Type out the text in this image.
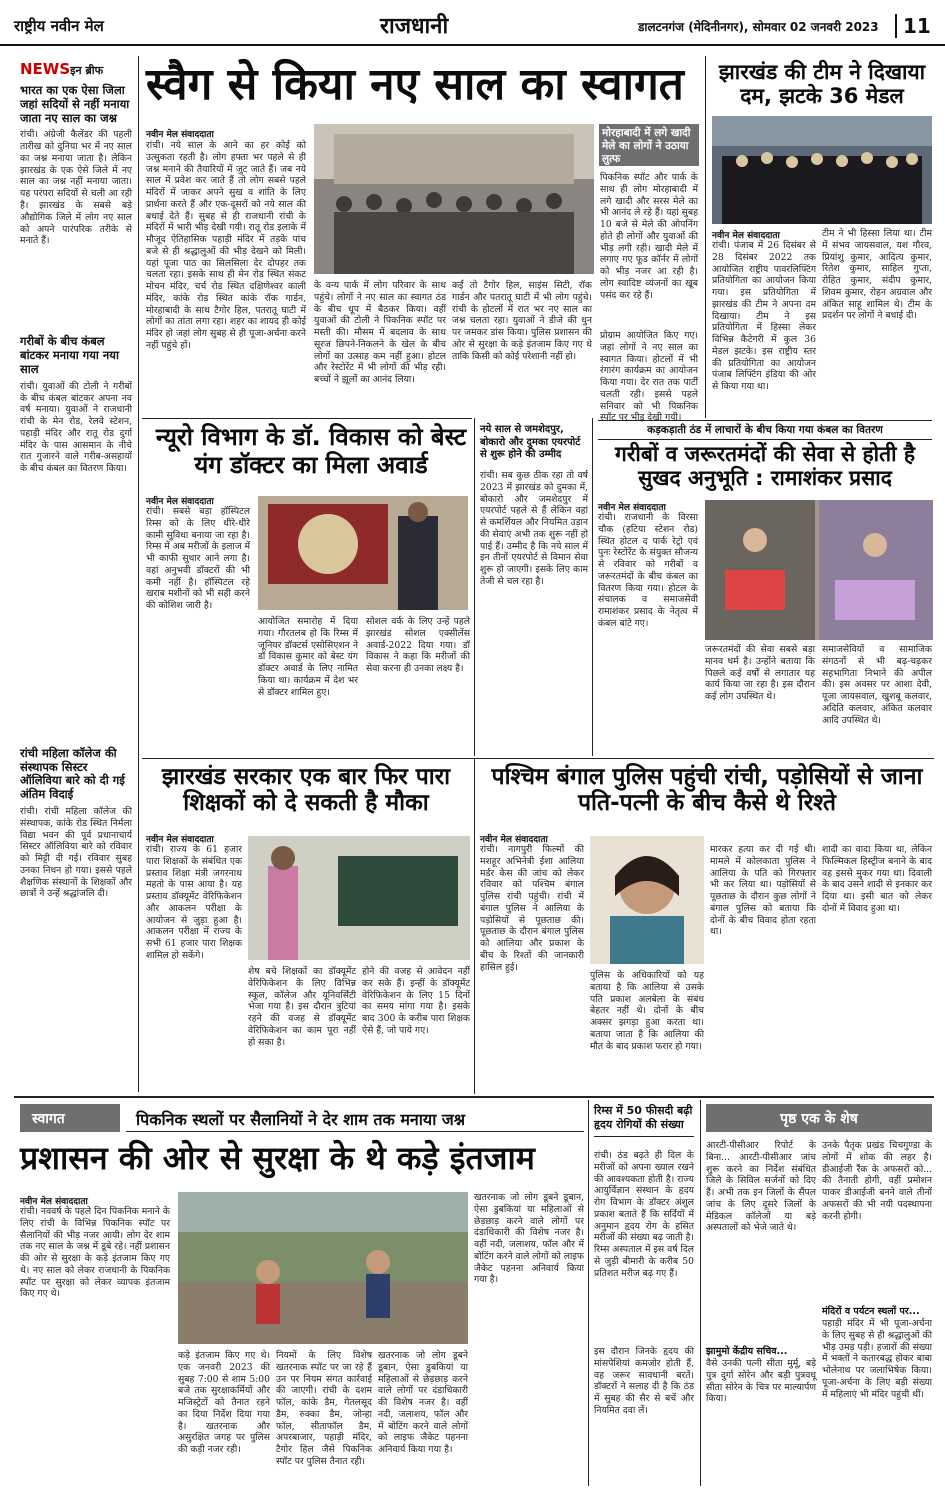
राष्ट्रीय नवीन मेल	राजधानी	डालटनगंज (मेदिनीनगर), सोमवार 02 जनवरी 2023	11
NEWSइन ब्रीफ
भारत का एक ऐसा जिला जहां सदियों से नहीं मनाया जाता नए साल का जश्न
रांची। अंग्रेजी कैलेंडर की पहली तारीख को दुनिया भर में नए साल का जश्न मनाया जाता है। लेकिन झारखंड के एक ऐसे जिले में नए साल का जश्न नहीं मनाया जाता। यह परंपरा सदियों से चली आ रही है। झारखंड के सबसे बड़े औद्योगिक जिले में लोग नए साल को अपने पारंपरिक तरीके से मनाते हैं।
गरीबों के बीच कंबल बांटकर मनाया गया नया साल
रांची। युवाओं की टोली ने गरीबों के बीच कंबल बांटकर अपना नव वर्ष मनाया। युवाओं ने राजधानी रांची के मेन रोड, रेलवे स्टेशन, पहाड़ी मंदिर और रातू रोड दुर्गा मंदिर के पास आसमान के नीचे रात गुजारने वाले गरीब-असहायों के बीच कंबल का वितरण किया।
रांची महिला कॉलेज की संस्थापक सिस्टर ऑलिविया बारे को दी गई अंतिम विदाई
रांची। रांची महिला कॉलेज की संस्थापक, कांके रोड स्थित निर्मला विद्या भवन की पूर्व प्रधानाचार्य सिस्टर ऑलिविया बारे को रविवार को मिट्टी दी गई। रविवार सुबह उनका निधन हो गया। इससे पहले शैक्षणिक संस्थानों के शिक्षकों और छात्रों ने उन्हें श्रद्धांजलि दी।
स्वैग से किया नए साल का स्वागत
नवीन मेल संवाददाता
रांची। नये साल के आने का हर कोई को उत्सुकता रहती है। लोग हफ्ता भर पहले से ही जश्न मनाने की तैयारियों में जुट जाते हैं। जब नये साल में प्रवेश कर जाते हैं तो लोग सबसे पहले मंदिरों में जाकर अपने सुख व शांति के लिए प्रार्थना करते हैं और एक-दूसरों को नये साल की बधाई देते हैं। सुबह से ही राजधानी रांची के मंदिरों में भारी भीड़ देखी गयी। रातू रोड इलाके में मौजूद ऐतिहासिक पहाड़ी मंदिर में तड़के पांच बजे से ही श्रद्धालुओं की भीड़ देखने को मिली। यहां पूजा पाठ का सिलसिला देर दोपहर तक चलता रहा। इसके साथ ही मेन रोड स्थित संकट मोचन मंदिर, चर्च रोड स्थित दक्षिणेश्वर काली मंदिर, कांके रोड स्थित कांके रॉक गार्डन, मोरहाबादी के साथ टैगोर हिल, पतरातू घाटी में लोगों का तांता लगा रहा। शहर का शायद ही कोई मंदिर हो जहां लोग सुबह से ही पूजा-अर्चना करने नहीं पहुंचे हों।
के वन्य पार्क में लोग परिवार के साथ पहुंचे। लोगों ने नए साल का स्वागत ठंड के बीच धूप में बैठकर किया। वहीं युवाओं की टोली ने पिकनिक स्पॉट पर मस्ती की। मौसम में बदलाव के साथ सूरज छिपने-निकलने के खेल के बीच लोगों का उत्साह कम नहीं हुआ। होटल और रेस्टोरेंट में भी लोगों की भीड़ रही। बच्चों ने झूलों का आनंद लिया।
कर्ई तो टैगोर हिल, साइंस सिटी, रॉक गार्डन और पतरातू घाटी में भी लोग पहुंचे। रांची के होटलों में रात भर नए साल का जश्न चलता रहा। युवाओं ने डीजे की धुन पर जमकर डांस किया। पुलिस प्रशासन की ओर से सुरक्षा के कड़े इंतजाम किए गए थे ताकि किसी को कोई परेशानी नहीं हो।
मोरहाबादी में लगे खादी मेले का लोगों ने उठाया लुत्फ
पिकनिक स्पॉट और पार्क के साथ ही लोग मोरहाबादी में लगे खादी और सरस मेले का भी आनंद ले रहे हैं। यहां सुबह 10 बजे से मेले की ओपनिंग होते ही लोगों और युवाओं की भीड़ लगी रही। खादी मेले में लगाए गए फूड कॉर्नर में लोगों को भीड़ नजर आ रही है। लोग स्वादिष्ट व्यंजनों का खूब पसंद कर रहे हैं।
प्रोग्राम आयोजित किए गए। जहां लोगों ने नए साल का स्वागत किया। होटलों में भी रंगारंग कार्यक्रम का आयोजन किया गया। देर रात तक पार्टी चलती रही। इससे पहले सनिवार को भी पिकनिक स्पॉट पर भीड़ देखी गयी।
झारखंड की टीम ने दिखाया दम, झटके 36 मेडल
नवीन मेल संवाददाता
रांची। पंजाब में 26 दिसंबर से 28 दिसंबर 2022 तक आयोजित राष्ट्रीय पावरलिफ्टिंग प्रतियोगिता का आयोजन किया गया। इस प्रतियोगिता में झारखंड की टीम ने अपना दम दिखाया। टीम ने इस प्रतियोगिता में हिस्सा लेकर विभिन्न कैटेगरी में कुल 36 मेडल झटके। इस राष्ट्रीय स्तर की प्रतियोगिता का आयोजन पंजाब लिफ्टिंग इंडिया की ओर से किया गया था।
टीम ने भी हिस्सा लिया था। टीम में संभव जायसवाल, यश गौरव, प्रियांशु कुमार, आदित्य कुमार, रितेश कुमार, साहिल गुप्ता, रोहित कुमार, संदीप कुमार, शिवम कुमार, रोहन अग्रवाल और अंकित साहू शामिल थे। टीम के प्रदर्शन पर लोगों ने बधाई दी।
न्यूरो विभाग के डॉ. विकास को बेस्ट यंग डॉक्टर का मिला अवार्ड
नवीन मेल संवाददाता
रांची। सबसे बड़ा हॉस्पिटल रिम्स को के लिए धीरे-धीरे कामी सुविधा बनाया जा रहा है। रिम्स में अब मरीजों के इलाज में भी काफी सुधार आने लगा है। वहां अनुभवी डॉक्टरों की भी कमी नहीं है। हॉस्पिटल रहे खराब मशीनों को भी सही करने की कोशिश जारी है।
आयोजित समारोह में दिया गया। गौरतलब हो कि रिम्स में जूनियर डॉक्टर्स एसोसिएशन ने डॉ विकास कुमार को बेस्ट यंग डॉक्टर अवार्ड के लिए नामित किया था। कार्यक्रम में देश भर से डॉक्टर शामिल हुए।
सोशल वर्क के लिए उन्हें पहले झारखंड सोशल एक्सीलेंस अवार्ड-2022 दिया गया। डॉ विकास ने कहा कि मरीजों की सेवा करना ही उनका लक्ष्य है।
नये साल से जमशेदपुर, बोकारो और दुमका एयरपोर्ट से शुरू होने की उम्मीद
रांची। सब कुछ ठीक रहा तो वर्ष 2023 में झारखंड को दुमका में, बोकारो और जमशेदपुर में एयरपोर्ट पहले से हैं लेकिन वहां से कमर्शियल और नियमित उड़ान की सेवाएं अभी तक शुरू नहीं हो पाई हैं। उम्मीद है कि नये साल में इन तीनों एयरपोर्ट से विमान सेवा शुरू हो जाएगी। इसके लिए काम तेजी से चल रहा है।
कड़कड़ाती ठंड में लाचारों के बीच किया गया कंबल का वितरण
गरीबों व जरूरतमंदों की सेवा से होती है सुखद अनुभूति : रामाशंकर प्रसाद
नवीन मेल संवाददाता
रांची। राजधानी के विरसा चौक (हटिया स्टेशन रोड) स्थित होटल द पार्क रेट्रो एवं पुनः रेस्टोरेंट के संयुक्त सौजन्य से रविवार को गरीबों व जरूरतमंदों के बीच कंबल का वितरण किया गया। होटल के संचालक व समाजसेवी रामाशंकर प्रसाद के नेतृत्व में कंबल बांटे गए।
जरूरतमंदों की सेवा सबसे बड़ा मानव धर्म है। उन्होंने बताया कि पिछले कई वर्षों से लगातार यह कार्य किया जा रहा है। इस दौरान कई लोग उपस्थित थे।
समाजसेवियों व सामाजिक संगठनों से भी बढ़-चढ़कर सहभागिता निभाने की अपील की। इस अवसर पर आशा देवी, पूजा जायसवाल, खुशबू कलवार, अदिति कलवार, अंकित कलवार आदि उपस्थित थे।
झारखंड सरकार एक बार फिर पारा शिक्षकों को दे सकती है मौका
नवीन मेल संवाददाता
रांची। राज्य के 61 हजार पारा शिक्षकों के संबंधित एक प्रस्ताव शिक्षा मंत्री जगरनाथ महतो के पास आया है। यह प्रस्ताव डॉक्यूमेंट वेरिफिकेशन और आकलन परीक्षा के आयोजन से जुड़ा हुआ है। आकलन परीक्षा में राज्य के सभी 61 हजार पारा शिक्षक शामिल हो सकेंगे।
शेष बचे शिक्षकों का डॉक्यूमेंट वेरिफिकेशन के लिए विभिन्न स्कूल, कॉलेज और यूनिवर्सिटी भेजा गया है। इस दौरान त्रुटियां रहने की वजह से डॉक्यूमेंट वेरिफिकेशन का काम पूरा नहीं हो सका है।
होने की वजह से आवेदन नहीं कर सके हैं। इन्हीं के डॉक्यूमेंट वेरिफिकेशन के लिए 15 दिनों का समय मांगा गया है। इसके बाद 300 के करीब पारा शिक्षक ऐसे हैं, जो पाये गए।
पश्चिम बंगाल पुलिस पहुंची रांची, पड़ोसियों से जाना पति-पत्नी के बीच कैसे थे रिश्ते
नवीन मेल संवाददाता
रांची। नागपुरी फिल्मों की मशहूर अभिनेत्री ईशा आलिया मर्डर केस की जांच को लेकर रविवार को पश्चिम बंगाल पुलिस रांची पहुंची। रांची में बंगाल पुलिस ने आलिया के पड़ोसियों से पूछताछ की। पूछताछ के दौरान बंगाल पुलिस को आलिया और प्रकाश के बीच के रिश्तों की जानकारी हासिल हुई।
पुलिस के अधिकारियों को यह बताया है कि आलिया से उसके पति प्रकाश अलबेला के संबंध बेहतर नहीं थे। दोनों के बीच अक्सर झगड़ा हुआ करता था। बताया जाता है कि आलिया की मौत के बाद प्रकाश फरार हो गया।
मारकर हत्या कर दी गई थी। मामले में कोलकाता पुलिस ने आलिया के पति को गिरफ्तार भी कर लिया था। पड़ोसियों से पूछताछ के दौरान कुछ लोगों ने बंगाल पुलिस को बताया कि दोनों के बीच विवाद होता रहता था।
शादी का वादा किया था, लेकिन फिल्मिकल हिस्ट्रीज बनाने के बाद वह इससे मुकर गया था। दिवाली के बाद उसने शादी से इनकार कर दिया था। इसी बात को लेकर दोनों में विवाद हुआ था।
स्वागत	पिकनिक स्थलों पर सैलानियों ने देर शाम तक मनाया जश्न
प्रशासन की ओर से सुरक्षा के थे कड़े इंतजाम
नवीन मेल संवाददाता
रांची। नववर्ष के पहले दिन पिकनिक मनाने के लिए रांची के विभिन्न पिकनिक स्पॉट पर सैलानियों की भीड़ नजर आयी। लोग देर शाम तक नए साल के जश्न में डूबे रहे। नहीं प्रशासन की ओर से सुरक्षा के कड़े इंतजाम किए गए थे। नए साल को लेकर राजधानी के पिकनिक स्पॉट पर सुरक्षा को लेकर व्यापक इंतजाम किए गए थे।
कड़े इंतजाम किए गए थे। एक जनवरी 2023 की सुबह 7:00 से शाम 5:00 बजे तक सुरक्षाकर्मियों और मजिस्ट्रेटों को तैनात रहने का दिया निर्देश दिया गया है। खतरनाक और असुरक्षित जगह पर पुलिस की कड़ी नजर रही।
नियमों के लिए विशेष खतरनाक स्पॉट पर जा रहे हैं उन पर नियम संगत कार्रवाई की जाएगी। रांची के दशम फॉल, कांके डैम, गेतलसूद डैम, रुक्का डैम, जोन्हा फॉल, सीताफॉल डैम, अपरबाजार, पहाड़ी मंदिर, टैगोर हिल जैसे पिकनिक स्पॉट पर पुलिस तैनात रही।
खतरनाक जो लोग डूबने डूबान, ऐसा डुबकियां या महिलाओं से छेड़छाड़ करने वाले लोगों पर दंडाधिकारी की विशेष नजर है। वहीं नदी, जलाशय, फॉल और में बोटिंग करने वाले लोगों को लाइफ जैकेट पहनना अनिवार्य किया गया है।
खतरनाक जो लोग डूबने डूबान, ऐसा डुबकियां या महिलाओं से छेड़छाड़ करने वाले लोगों पर दंडाधिकारी की विशेष नजर है। वहीं नदी, जलाशय, फॉल और में बोटिंग करने वाले लोगों को लाइफ जैकेट पहनना अनिवार्य किया गया है।
रिम्स में 50 फीसदी बढ़ी हृदय रोगियों की संख्या
रांची। ठंड बढ़ते ही दिल के मरीजों को अपना ख्याल रखने की आवश्यकता होती है। राज्य आयुर्विज्ञान संस्थान के हृदय रोग विभाग के डॉक्टर अंशुल प्रकाश बताते हैं कि सर्दियों में अनुमान हृदय रोग के हसित मरीजों की संख्या बढ़ जाती है। रिम्स अस्पताल में इस वर्ष दिल से जुड़ी बीमारी के करीब 50 प्रतिशत मरीज बढ़ गए हैं।
इस दौरान जिनके हृदय की मांसपेशियां कमजोर होती हैं, वह जरूर सावधानी बरतें। डॉक्टरों ने सलाह दी है कि ठंड में सुबह की सैर से बचें और नियमित दवा लें।
पृष्ठ एक के शेष
आरटी-पीसीआर रिपोर्ट के बिना... आरटी-पीसीआर जांच शुरू करने का निर्देश संबंधित जिले के सिविल सर्जनों को दिए हैं। अभी तक इन जिलों के सैंपल जांच के लिए दूसरे जिलों के मेडिकल कॉलेजों या बड़े अस्पतालों को भेजे जाते थे।
झामुमो केंद्रीय सचिव...
वैसे उनकी पत्नी सीता मुर्मू, बड़े पुत्र दुर्गा सोरेन और बड़ी पुत्रवधू सीता सोरेन के चित्र पर माल्यार्पण किया।
उनके पैतृक प्रखंड चिचगुण्डा के लोगों में शोक की लहर है। डीआईजी रैंक के अफसरों को... की तैनाती होगी, वहीं प्रमोशन पाकर डीआईजी बनने वाले तीनों अफसरों की भी नयी पदस्थापना करनी होगी।
मंदिरों व पर्यटन स्थलों पर...
पहाड़ी मंदिर में भी पूजा-अर्चना के लिए सुबह से ही श्रद्धालुओं की भीड़ उमड़ पड़ी। हजारों की संख्या में भक्तों ने कतारबद्ध होकर बाबा भोलेनाथ पर जलाभिषेक किया। पूजा-अर्चना के लिए बड़ी संख्या में महिलाएं भी मंदिर पहुंची थीं।
